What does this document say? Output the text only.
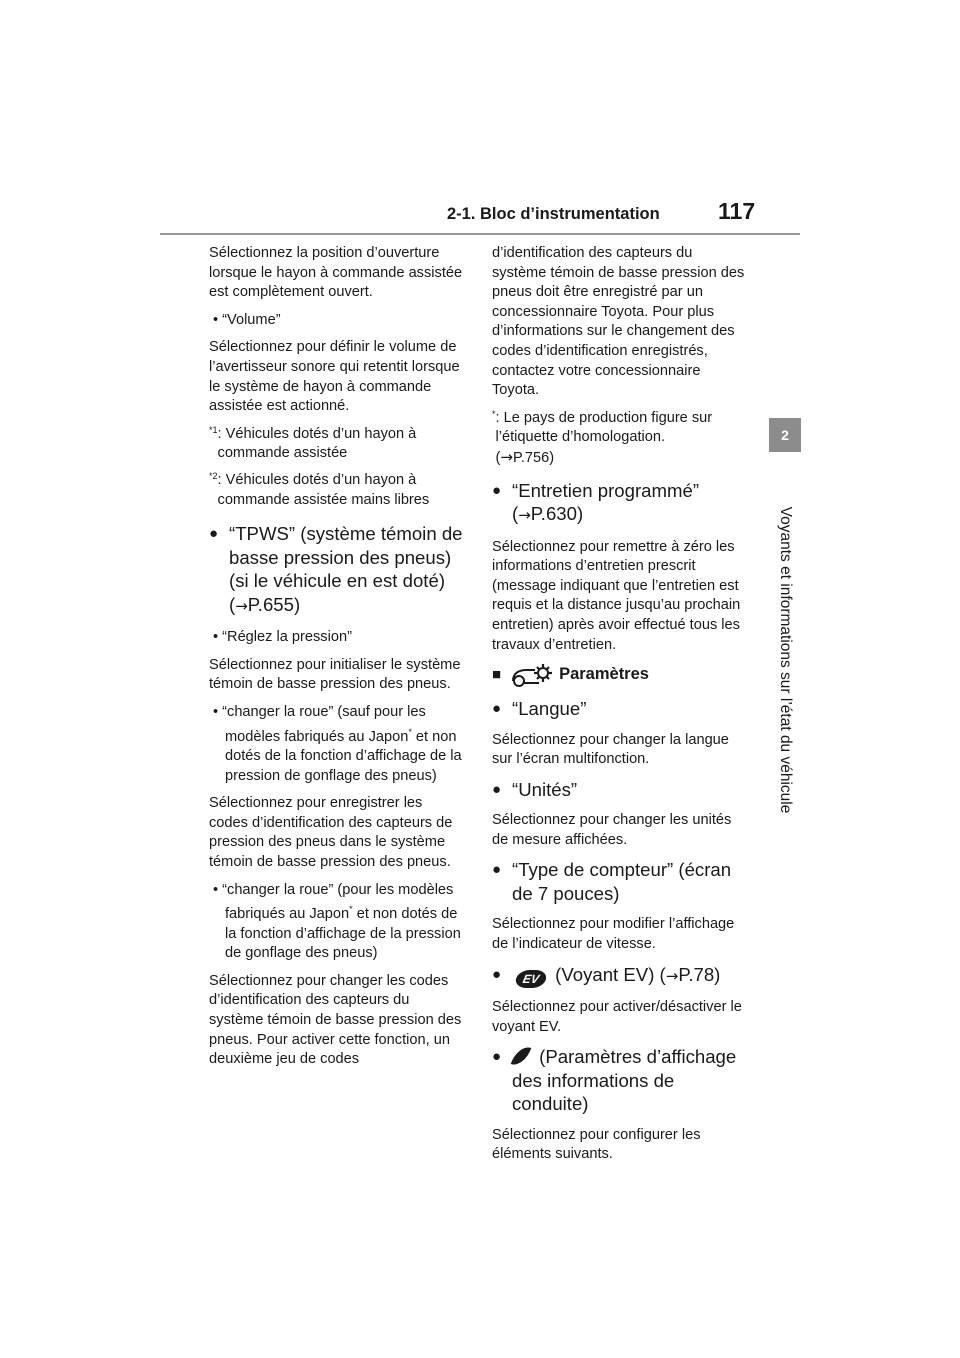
2-1. Bloc d’instrumentation	117
2
Voyants et informations sur l’état du véhicule

Sélectionnez la position d’ouverture lorsque le hayon à commande assistée est complètement ouvert.

• “Volume”

Sélectionnez pour définir le volume de l’avertisseur sonore qui retentit lorsque le système de hayon à commande assistée est actionné.

$^{*1}$ : Véhicules dotés d’un hayon à commande assistée

$^{*2}$ : Véhicules dotés d’un hayon à commande assistée mains libres

● “TPWS” (système témoin de basse pression des pneus) (si le véhicule en est doté)
(→P.655)

• “Réglez la pression”

Sélectionnez pour initialiser le système témoin de basse pression des pneus.

• “changer la roue” (sauf pour les modèles fabriqués au Japon* et non dotés de la fonction d’affichage de la pression de gonflage des pneus)

Sélectionnez pour enregistrer les codes d’identification des capteurs de pression des pneus dans le système témoin de basse pression des pneus.

• “changer la roue” (pour les modèles fabriqués au Japon* et non dotés de la fonction d’affichage de la pression de gonflage des pneus)

Sélectionnez pour changer les codes d’identification des capteurs du système témoin de basse pression des pneus. Pour activer cette fonction, un deuxième jeu de codes

d’identification des capteurs du système témoin de basse pression des pneus doit être enregistré par un concessionnaire Toyota. Pour plus d’informations sur le changement des codes d’identification enregistrés, contactez votre concessionnaire Toyota.

* : Le pays de production figure sur l’étiquette d’homologation.
(→P.756)

● “Entretien programmé”
(→P.630)

Sélectionnez pour remettre à zéro les informations d’entretien prescrit (message indiquant que l’entretien est requis et la distance jusqu’au prochain entretien) après avoir effectué tous les travaux d’entretien.

■	Paramètres

● “Langue”

Sélectionnez pour changer la langue sur l’écran multifonction.

● “Unités”

Sélectionnez pour changer les unités de mesure affichées.

● “Type de compteur” (écran de 7 pouces)

Sélectionnez pour modifier l’affichage de l’indicateur de vitesse.

●	EV (Voyant EV) (→P.78)

Sélectionnez pour activer/désactiver le voyant EV.

●	(Paramètres d’affichage des informations de conduite)

Sélectionnez pour configurer les éléments suivants.
